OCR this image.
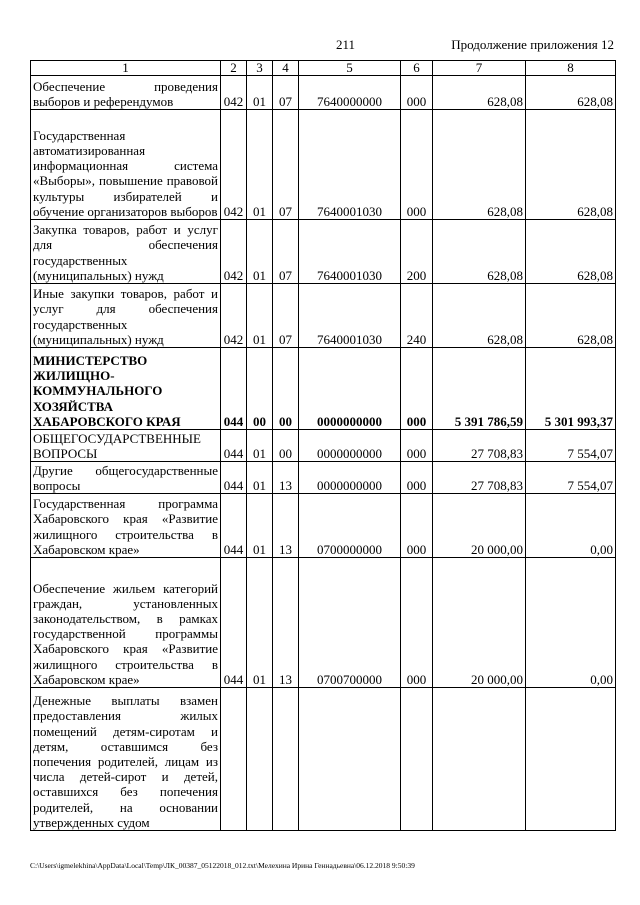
211	Продолжение приложения 12
1	2	3	4	5	6	7	8
Обеспечение проведения выборов и референдумов	042	01	07	7640000000	000	628,08	628,08
Государственная автоматизированная информационная система «Выборы», повышение правовой культуры избирателей и обучение организаторов выборов	042	01	07	7640001030	000	628,08	628,08
Закупка товаров, работ и услуг для обеспечения государственных (муниципальных) нужд	042	01	07	7640001030	200	628,08	628,08
Иные закупки товаров, работ и услуг для обеспечения государственных (муниципальных) нужд	042	01	07	7640001030	240	628,08	628,08
МИНИСТЕРСТВО ЖИЛИЩНО-КОММУНАЛЬНОГО ХОЗЯЙСТВА ХАБАРОВСКОГО КРАЯ	044	00	00	0000000000	000	5 391 786,59	5 301 993,37
ОБЩЕГОСУДАРСТВЕННЫЕ ВОПРОСЫ	044	01	00	0000000000	000	27 708,83	7 554,07
Другие общегосударственные вопросы	044	01	13	0000000000	000	27 708,83	7 554,07
Государственная программа Хабаровского края «Развитие жилищного строительства в Хабаровском крае»	044	01	13	0700000000	000	20 000,00	0,00
Обеспечение жильем категорий граждан, установленных законодательством, в рамках государственной программы Хабаровского края «Развитие жилищного строительства в Хабаровском крае»	044	01	13	0700700000	000	20 000,00	0,00
Денежные выплаты взамен предоставления жилых помещений детям-сиротам и детям, оставшимся без попечения родителей, лицам из числа детей-сирот и детей, оставшихся без попечения родителей, на основании утвержденных судом							
C:\Users\igmelekhina\AppData\Local\Temp\ЛК_00387_05122018_012.txt\Мелехина Ирина Геннадьевна\06.12.2018 9:50:39
